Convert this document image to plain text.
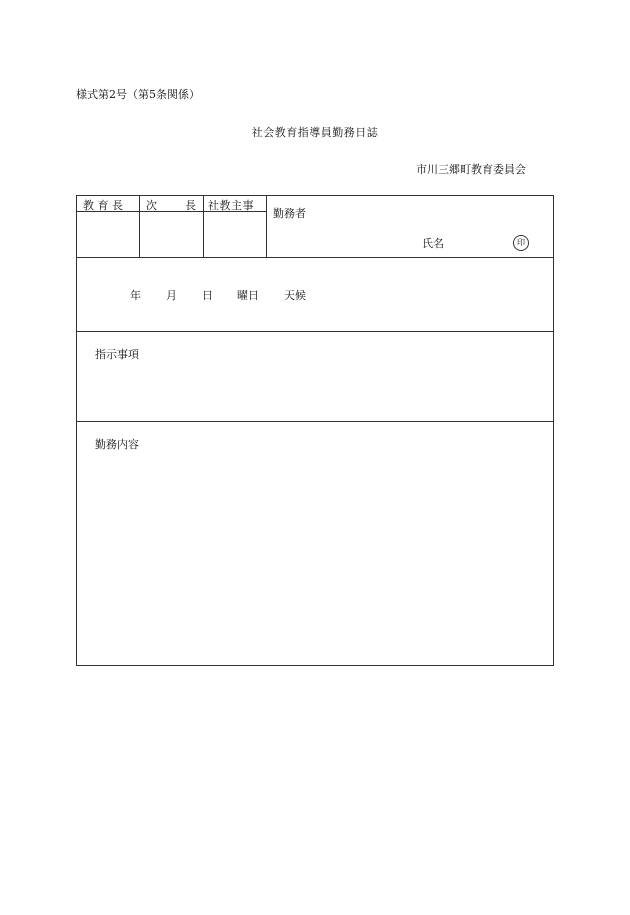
様式第2号（第5条関係）
社会教育指導員勤務日誌
市川三郷町教育委員会
教 育 長 次	長 社教主事
勤務者
氏名	印
年 月 日 曜日 天候
指示事項
勤務内容
